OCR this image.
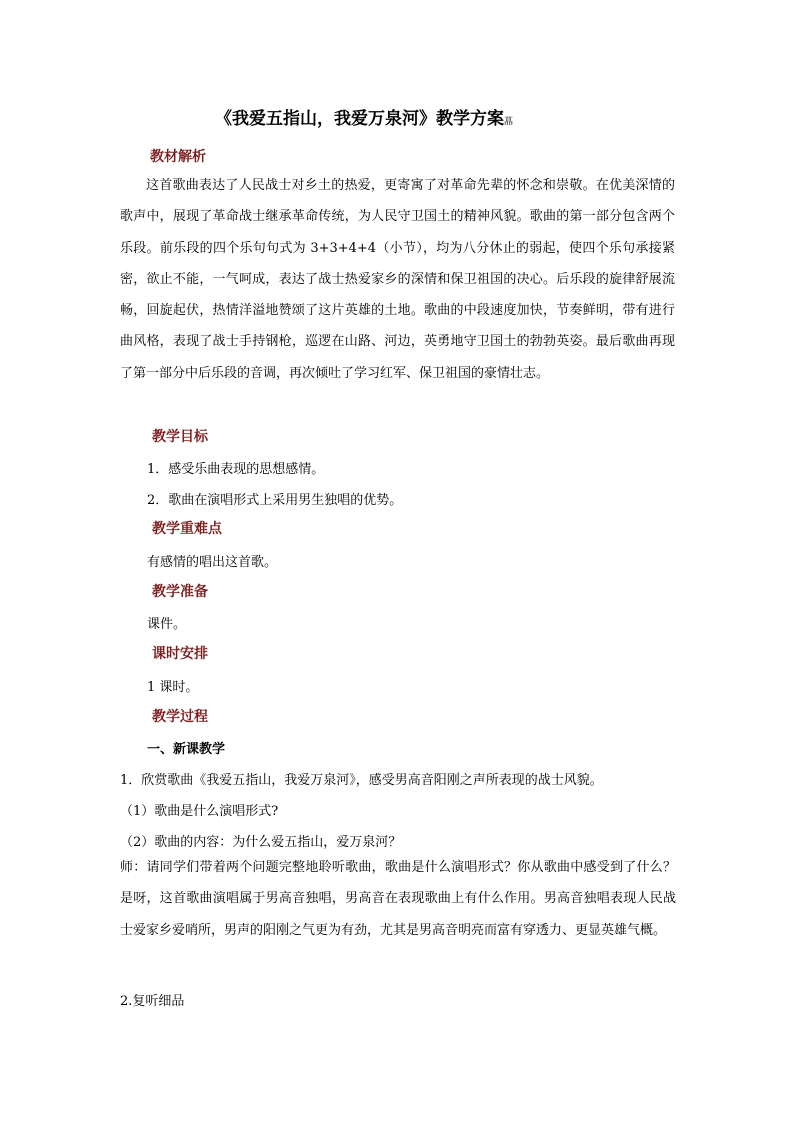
《我爱五指山，我爱万泉河》教学方案蕌
教材解析
这首歌曲表达了人民战士对乡土的热爱，更寄寓了对革命先辈的怀念和崇敬。在优美深情的歌声中，展现了革命战士继承革命传统，为人民守卫国土的精神风貌。歌曲的第一部分包含两个乐段。前乐段的四个乐句句式为 3+3+4+4（小节），均为八分休止的弱起，使四个乐句承接紧密，欲止不能，一气呵成，表达了战士热爱家乡的深情和保卫祖国的决心。后乐段的旋律舒展流畅，回旋起伏，热情洋溢地赞颂了这片英雄的土地。歌曲的中段速度加快，节奏鲜明，带有进行曲风格，表现了战士手持钢枪，巡逻在山路、河边，英勇地守卫国土的勃勃英姿。最后歌曲再现了第一部分中后乐段的音调，再次倾吐了学习红军、保卫祖国的豪情壮志。
教学目标
1．感受乐曲表现的思想感情。
2．歌曲在演唱形式上采用男生独唱的优势。
教学重难点
有感情的唱出这首歌。
教学准备
课件。
课时安排
1 课时。
教学过程
一、新课教学
1．欣赏歌曲《我爱五指山，我爱万泉河》，感受男高音阳刚之声所表现的战士风貌。
（1）歌曲是什么演唱形式?
（2）歌曲的内容：为什么爱五指山，爱万泉河？
师：请同学们带着两个问题完整地聆听歌曲，歌曲是什么演唱形式？你从歌曲中感受到了什么？是呀，这首歌曲演唱属于男高音独唱，男高音在表现歌曲上有什么作用。男高音独唱表现人民战士爱家乡爱哨所，男声的阳刚之气更为有劲，尤其是男高音明亮而富有穿透力、更显英雄气概。
2.复听细品
